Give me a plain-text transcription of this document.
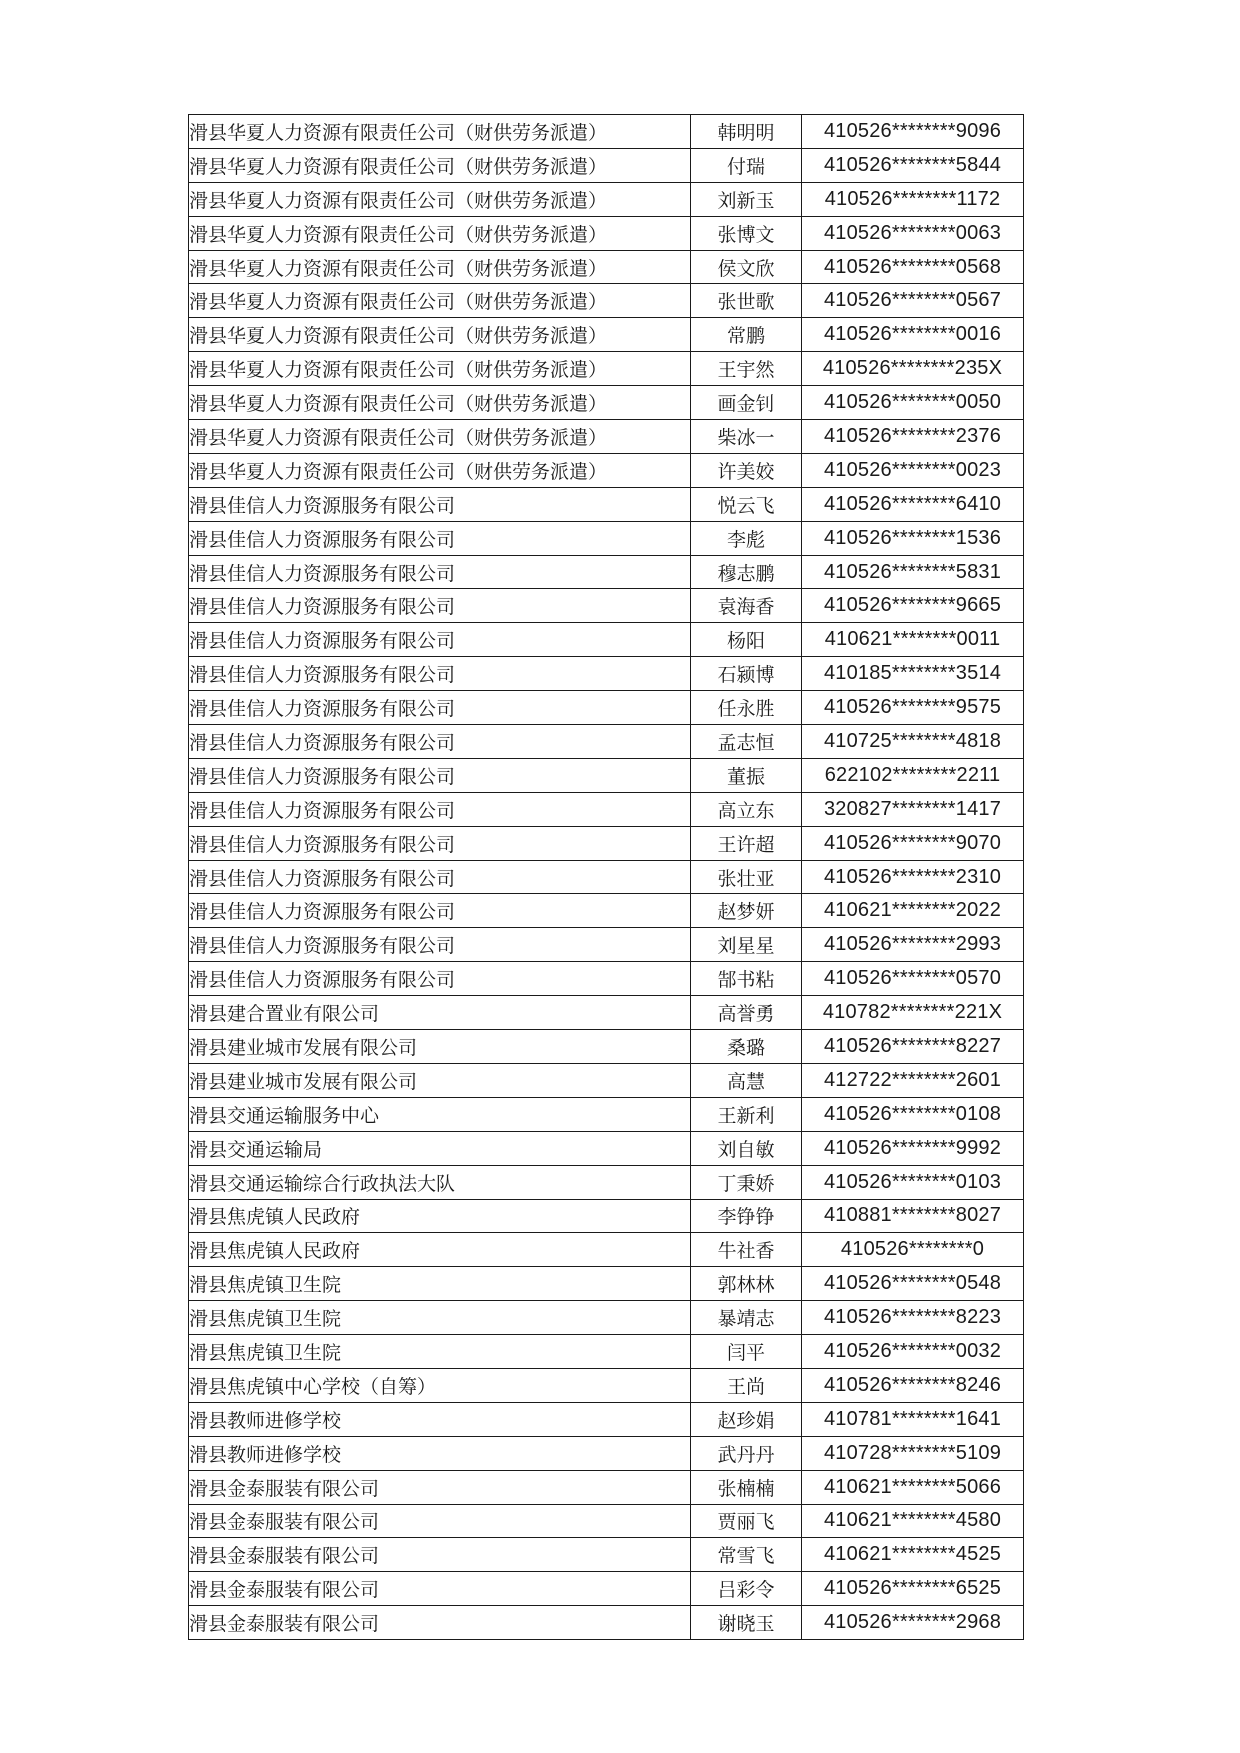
滑县华夏人力资源有限责任公司（财供劳务派遣）	韩明明	410526********9096
滑县华夏人力资源有限责任公司（财供劳务派遣）	付瑞	410526********5844
滑县华夏人力资源有限责任公司（财供劳务派遣）	刘新玉	410526********1172
滑县华夏人力资源有限责任公司（财供劳务派遣）	张博文	410526********0063
滑县华夏人力资源有限责任公司（财供劳务派遣）	侯文欣	410526********0568
滑县华夏人力资源有限责任公司（财供劳务派遣）	张世歌	410526********0567
滑县华夏人力资源有限责任公司（财供劳务派遣）	常鹏	410526********0016
滑县华夏人力资源有限责任公司（财供劳务派遣）	王宇然	410526********235X
滑县华夏人力资源有限责任公司（财供劳务派遣）	画金钊	410526********0050
滑县华夏人力资源有限责任公司（财供劳务派遣）	柴冰一	410526********2376
滑县华夏人力资源有限责任公司（财供劳务派遣）	许美姣	410526********0023
滑县佳信人力资源服务有限公司	悦云飞	410526********6410
滑县佳信人力资源服务有限公司	李彪	410526********1536
滑县佳信人力资源服务有限公司	穆志鹏	410526********5831
滑县佳信人力资源服务有限公司	袁海香	410526********9665
滑县佳信人力资源服务有限公司	杨阳	410621********0011
滑县佳信人力资源服务有限公司	石颍博	410185********3514
滑县佳信人力资源服务有限公司	任永胜	410526********9575
滑县佳信人力资源服务有限公司	孟志恒	410725********4818
滑县佳信人力资源服务有限公司	董振	622102********2211
滑县佳信人力资源服务有限公司	高立东	320827********1417
滑县佳信人力资源服务有限公司	王许超	410526********9070
滑县佳信人力资源服务有限公司	张壮亚	410526********2310
滑县佳信人力资源服务有限公司	赵梦妍	410621********2022
滑县佳信人力资源服务有限公司	刘星星	410526********2993
滑县佳信人力资源服务有限公司	郜书粘	410526********0570
滑县建合置业有限公司	高誉勇	410782********221X
滑县建业城市发展有限公司	桑璐	410526********8227
滑县建业城市发展有限公司	高慧	412722********2601
滑县交通运输服务中心	王新利	410526********0108
滑县交通运输局	刘自敏	410526********9992
滑县交通运输综合行政执法大队	丁秉娇	410526********0103
滑县焦虎镇人民政府	李铮铮	410881********8027
滑县焦虎镇人民政府	牛社香	410526********0
滑县焦虎镇卫生院	郭林林	410526********0548
滑县焦虎镇卫生院	暴靖志	410526********8223
滑县焦虎镇卫生院	闫平	410526********0032
滑县焦虎镇中心学校（自筹）	王尚	410526********8246
滑县教师进修学校	赵珍娟	410781********1641
滑县教师进修学校	武丹丹	410728********5109
滑县金泰服装有限公司	张楠楠	410621********5066
滑县金泰服装有限公司	贾丽飞	410621********4580
滑县金泰服装有限公司	常雪飞	410621********4525
滑县金泰服装有限公司	吕彩令	410526********6525
滑县金泰服装有限公司	谢晓玉	410526********2968
